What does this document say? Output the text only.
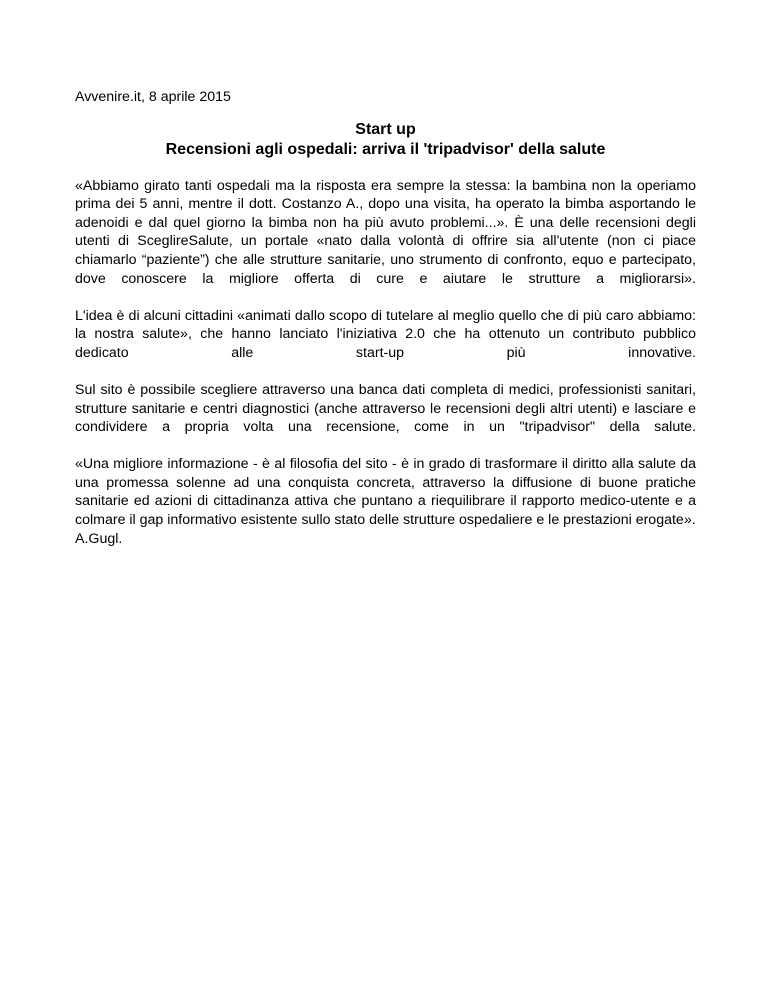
Avvenire.it, 8 aprile 2015
Start up
Recensioni agli ospedali: arriva il 'tripadvisor' della salute

«Abbiamo girato tanti ospedali ma la risposta era sempre la stessa: la bambina non la operiamo prima dei 5 anni, mentre il dott. Costanzo A., dopo una visita, ha operato la bimba asportando le adenoidi e dal quel giorno la bimba non ha più avuto problemi...». È una delle recensioni degli utenti di SceglireSalute, un portale «nato dalla volontà di offrire sia all'utente (non ci piace chiamarlo “paziente”) che alle strutture sanitarie, uno strumento di confronto, equo e partecipato, dove conoscere la migliore offerta di cure e aiutare le strutture a migliorarsi».

L'idea è di alcuni cittadini «animati dallo scopo di tutelare al meglio quello che di più caro abbiamo: la nostra salute», che hanno lanciato l'iniziativa 2.0 che ha ottenuto un contributo pubblico dedicato alle start-up più innovative.

Sul sito è possibile scegliere attraverso una banca dati completa di medici, professionisti sanitari, strutture sanitarie e centri diagnostici (anche attraverso le recensioni degli altri utenti) e lasciare e condividere a propria volta una recensione, come in un "tripadvisor" della salute.

«Una migliore informazione - è al filosofia del sito - è in grado di trasformare il diritto alla salute da una promessa solenne ad una conquista concreta, attraverso la diffusione di buone pratiche sanitarie ed azioni di cittadinanza attiva che puntano a riequilibrare il rapporto medico-utente e a colmare il gap informativo esistente sullo stato delle strutture ospedaliere e le prestazioni erogate».

A.Gugl.
